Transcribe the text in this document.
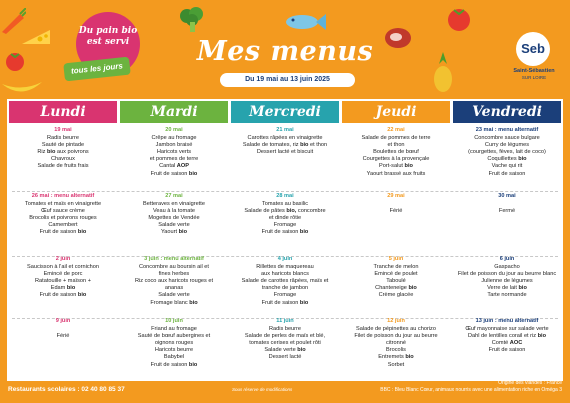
Du pain bio
est servi
tous les jours
Mes menus
Du 19 mai au 13 juin 2025
Seb
Saint-Sébastien
SUR LOIRE
Lundi	Mardi	Mercredi	Jeudi	Vendredi
19 mai
Radis beurre
Sauté de pintade
Riz bio aux poivrons
Chavroux
Salade de fruits frais
20 mai
Crêpe au fromage
Jambon braisé
Haricots verts
et pommes de terre
Cantal AOP
Fruit de saison bio
21 mai
Carottes râpées en vinaigrette
Salade de tomates, riz bio et thon
Dessert lacté et biscuit
22 mai
Salade de pommes de terre
et thon
Boulettes de bœuf
Courgettes à la provençale
Port-salut bio
Yaourt brassé aux fruits
23 mai : menu alternatif
Concombre sauce bulgare
Curry de légumes
(courgettes, fèves, lait de coco)
Coquillettes bio
Vache qui rit
Fruit de saison
26 mai : menu alternatif
Tomates et maïs en vinaigrette
Œuf sauce crème
Brocolis et poivrons rouges
Camembert
Fruit de saison bio
27 mai
Betteraves en vinaigrette
Veau à la tomate
Mogettes de Vendée
Salade verte
Yaourt bio
28 mai
Tomates au basilic
Salade de pâtes bio, concombre
et dinde rôtie
Fromage
Fruit de saison bio
29 mai
Férié
30 mai
Fermé
2 juin
Saucisson à l'ail et cornichon
Emincé de porc
Ratatouille + maïson +
Edam bio
Fruit de saison bio
3 juin : menu alternatif
Concombre au boursin ail et
fines herbes
Riz coco aux haricots rouges et
ananas
Salade verte
Fromage blanc bio
4 juin
Rillettes de maquereau
aux haricots blancs
Salade de carottes râpées, maïs et
tranche de jambon
Fromage
Fruit de saison bio
5 juin
Tranche de melon
Emincé de poulet
Taboulé
Chanteneige bio
Crème glacée
6 juin
Gaspacho
Filet de poisson du jour au beurre blanc
Julienne de légumes
Verre de lait bio
Tarte normande
9 juin
Férié
10 juin
Friand au fromage
Sauté de bœuf aubergines et
oignons rouges
Haricots beurre
Babybel
Fruit de saison bio
11 juin
Radis beurre
Salade de perles de maïs et blé,
tomates cerises et poulet rôti
Salade verte bio
Dessert lacté
12 juin
Salade de pépinettes au chorizo
Filet de poisson du jour au beurre
citronné
Brocolis
Entremets bio
Sorbet
13 juin : menu alternatif
Œuf mayonnaise sur salade verte
Dahl de lentilles corail et riz bio
Comté AOC
Fruit de saison
Restaurants scolaires : 02 40 80 85 37	Sous réserve de modifications
Origine des viandes : France
BBC : Bleu Blanc Cœur, animaux nourris avec une alimentation riche en Oméga 3
